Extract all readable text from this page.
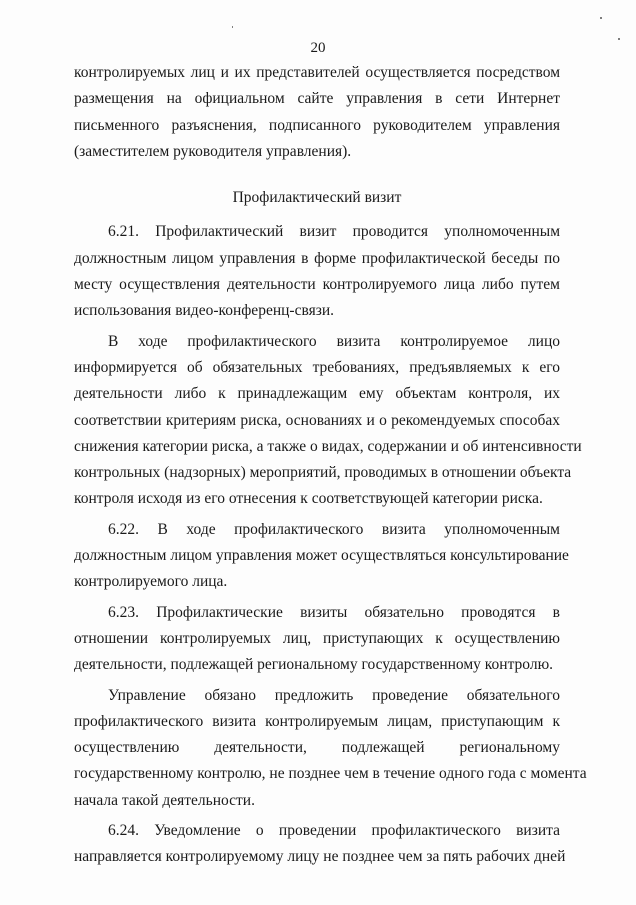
20
контролируемых лиц и их представителей осуществляется посредством
размещения на официальном сайте управления в сети Интернет
письменного разъяснения, подписанного руководителем управления
(заместителем руководителя управления).
Профилактический визит
6.21. Профилактический визит проводится уполномоченным
должностным лицом управления в форме профилактической беседы по
месту осуществления деятельности контролируемого лица либо путем
использования видео-конференц-связи.
В ходе профилактического визита контролируемое лицо
информируется об обязательных требованиях, предъявляемых к его
деятельности либо к принадлежащим ему объектам контроля, их
соответствии критериям риска, основаниях и о рекомендуемых способах
снижения категории риска, а также о видах, содержании и об интенсивности
контрольных (надзорных) мероприятий, проводимых в отношении объекта
контроля исходя из его отнесения к соответствующей категории риска.
6.22. В ходе профилактического визита уполномоченным
должностным лицом управления может осуществляться консультирование
контролируемого лица.
6.23. Профилактические визиты обязательно проводятся в
отношении контролируемых лиц, приступающих к осуществлению
деятельности, подлежащей региональному государственному контролю.
Управление обязано предложить проведение обязательного
профилактического визита контролируемым лицам, приступающим к
осуществлению деятельности, подлежащей региональному
государственному контролю, не позднее чем в течение одного года с момента
начала такой деятельности.
6.24. Уведомление о проведении профилактического визита
направляется контролируемому лицу не позднее чем за пять рабочих дней
